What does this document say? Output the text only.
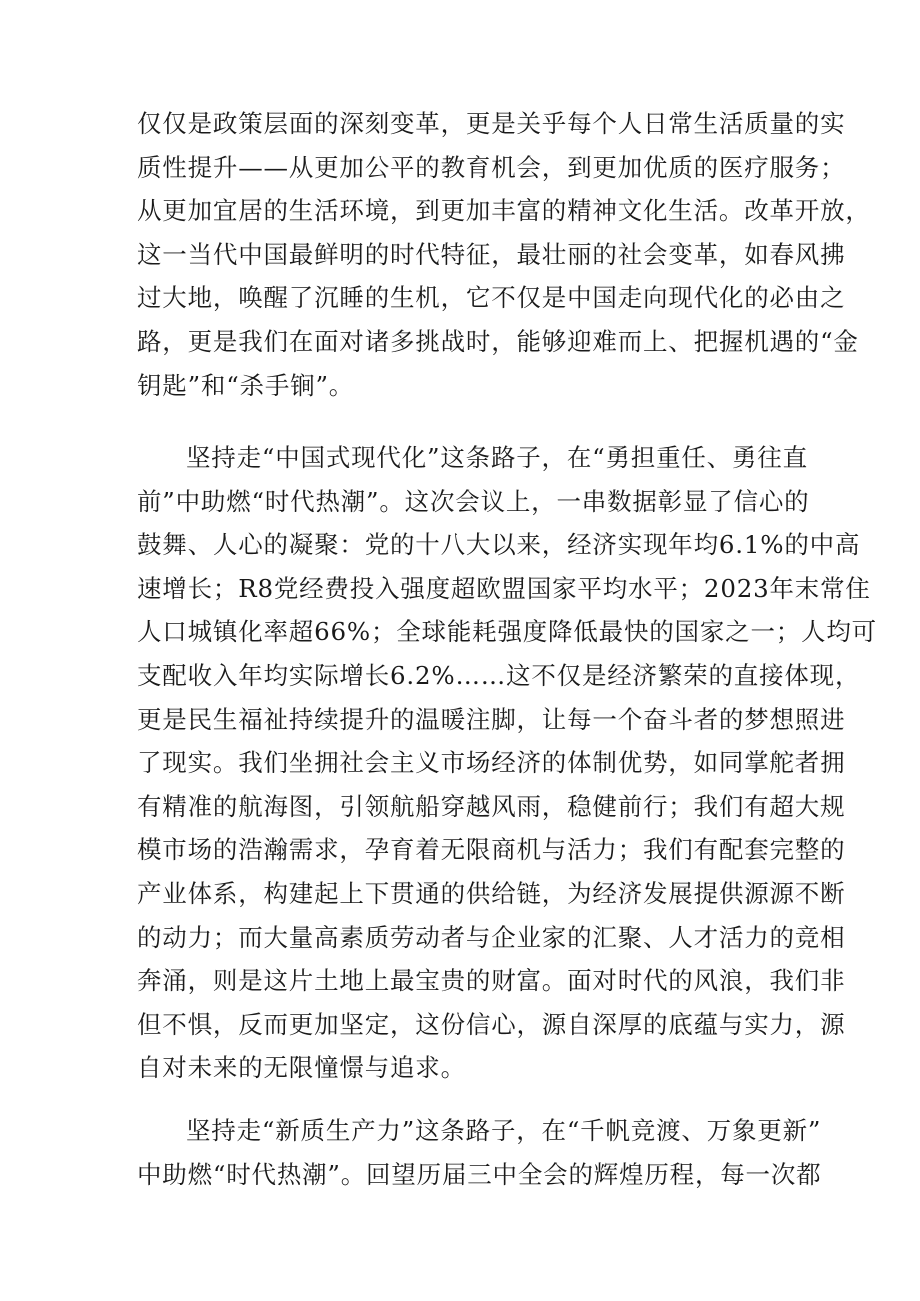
仅仅是政策层面的深刻变革，更是关乎每个人日常生活质量的实
质性提升——从更加公平的教育机会，到更加优质的医疗服务；
从更加宜居的生活环境，到更加丰富的精神文化生活。改革开放，
这一当代中国最鲜明的时代特征，最壮丽的社会变革，如春风拂
过大地，唤醒了沉睡的生机，它不仅是中国走向现代化的必由之
路，更是我们在面对诸多挑战时，能够迎难而上、把握机遇的“金
钥匙”和“杀手锏”。
坚持走“中国式现代化”这条路子，在“勇担重任、勇往直
前”中助燃“时代热潮”。这次会议上，一串数据彰显了信心的
鼓舞、人心的凝聚：党的十八大以来，经济实现年均6.1%的中高
速增长；R8党经费投入强度超欧盟国家平均水平；2023年末常住
人口城镇化率超66%；全球能耗强度降低最快的国家之一；人均可
支配收入年均实际增长6.2%……这不仅是经济繁荣的直接体现，
更是民生福祉持续提升的温暖注脚，让每一个奋斗者的梦想照进
了现实。我们坐拥社会主义市场经济的体制优势，如同掌舵者拥
有精准的航海图，引领航船穿越风雨，稳健前行；我们有超大规
模市场的浩瀚需求，孕育着无限商机与活力；我们有配套完整的
产业体系，构建起上下贯通的供给链，为经济发展提供源源不断
的动力；而大量高素质劳动者与企业家的汇聚、人才活力的竞相
奔涌，则是这片土地上最宝贵的财富。面对时代的风浪，我们非
但不惧，反而更加坚定，这份信心，源自深厚的底蕴与实力，源
自对未来的无限憧憬与追求。
坚持走“新质生产力”这条路子，在“千帆竞渡、万象更新”
中助燃“时代热潮”。回望历届三中全会的辉煌历程，每一次都
